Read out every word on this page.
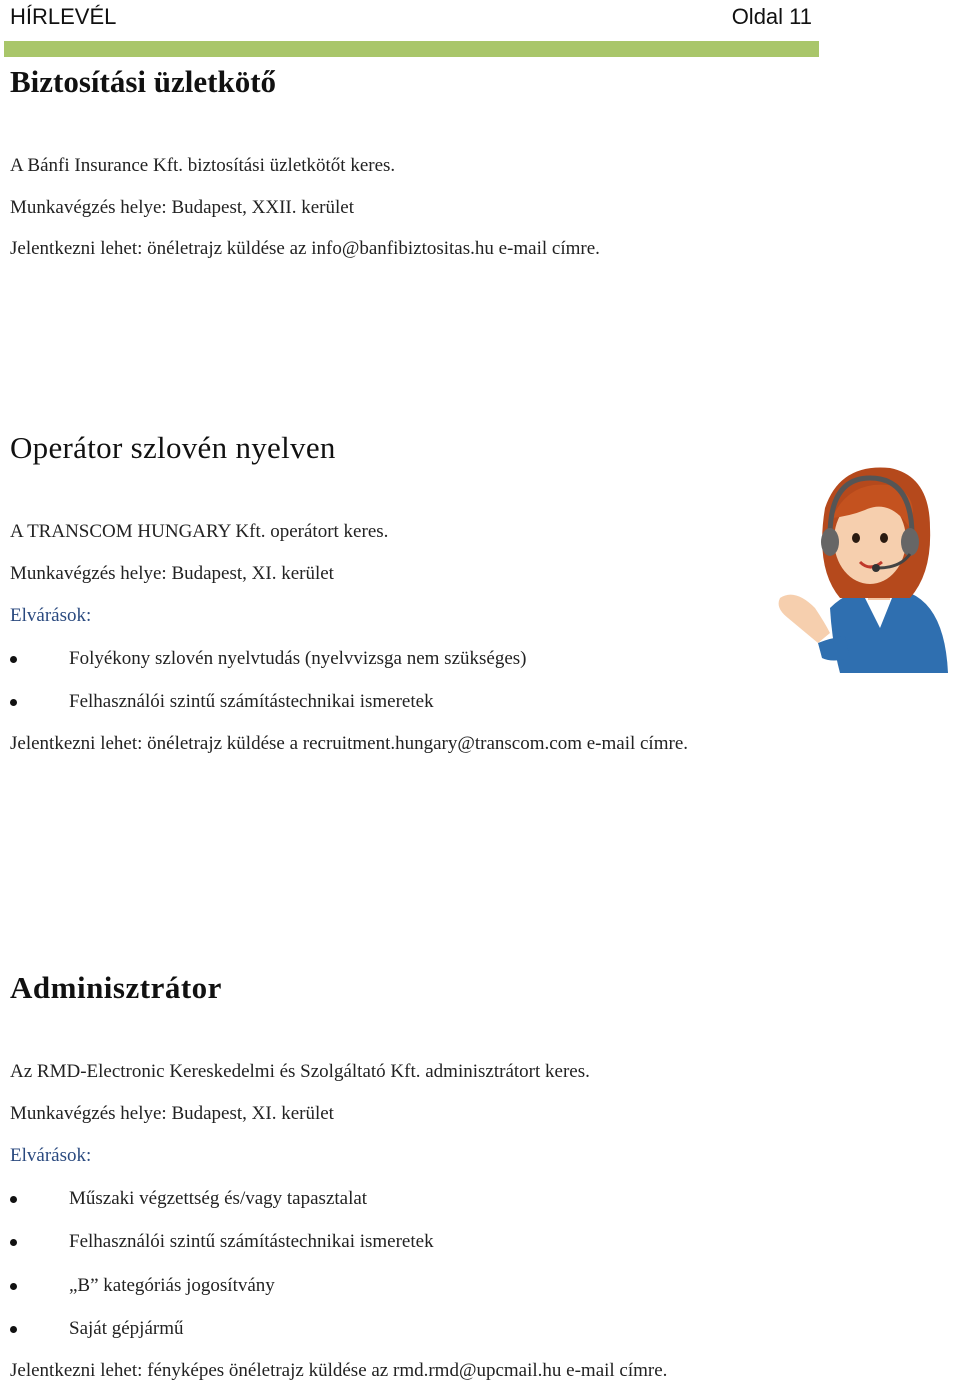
HÍRLEVÉL	Oldal 11
Biztosítási üzletkötő

A Bánfi Insurance Kft. biztosítási üzletkötőt keres.

Munkavégzés helye: Budapest, XXII. kerület

Jelentkezni lehet: önéletrajz küldése az info@banfibiztositas.hu e-mail címre.

Operátor szlovén nyelven

A TRANSCOM HUNGARY Kft. operátort keres.

Munkavégzés helye: Budapest, XI. kerület

Elvárások:

Folyékony szlovén nyelvtudás (nyelvvizsga nem szükséges)
Felhasználói szintű számítástechnikai ismeretek

Jelentkezni lehet: önéletrajz küldése a recruitment.hungary@transcom.com e-mail címre.

Adminisztrátor

Az RMD-Electronic Kereskedelmi és Szolgáltató Kft. adminisztrátort keres.

Munkavégzés helye: Budapest, XI. kerület

Elvárások:

Műszaki végzettség és/vagy tapasztalat
Felhasználói szintű számítástechnikai ismeretek
„B” kategóriás jogosítvány
Saját gépjármű

Jelentkezni lehet: fényképes önéletrajz küldése az rmd.rmd@upcmail.hu e-mail címre.
